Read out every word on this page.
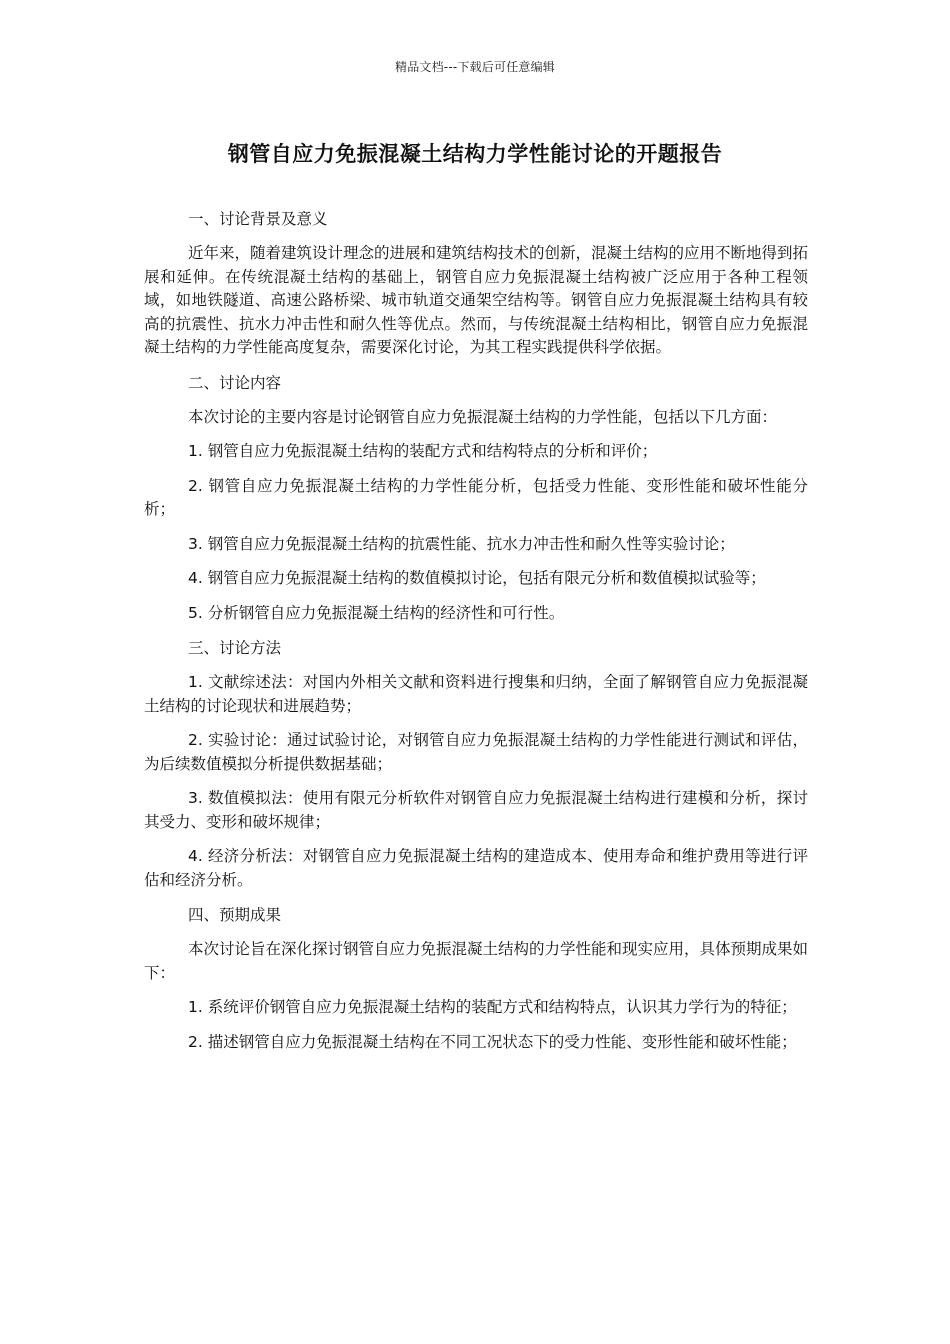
精品文档---下载后可任意编辑
钢管自应力免振混凝土结构力学性能讨论的开题报告
一、讨论背景及意义

近年来，随着建筑设计理念的进展和建筑结构技术的创新，混凝土结构的应用不断地得到拓展和延伸。在传统混凝土结构的基础上，钢管自应力免振混凝土结构被广泛应用于各种工程领域，如地铁隧道、高速公路桥梁、城市轨道交通架空结构等。钢管自应力免振混凝土结构具有较高的抗震性、抗水力冲击性和耐久性等优点。然而，与传统混凝土结构相比，钢管自应力免振混凝土结构的力学性能高度复杂，需要深化讨论，为其工程实践提供科学依据。

二、讨论内容

本次讨论的主要内容是讨论钢管自应力免振混凝土结构的力学性能，包括以下几方面：

1. 钢管自应力免振混凝土结构的装配方式和结构特点的分析和评价；

2. 钢管自应力免振混凝土结构的力学性能分析，包括受力性能、变形性能和破坏性能分析；

3. 钢管自应力免振混凝土结构的抗震性能、抗水力冲击性和耐久性等实验讨论；

4. 钢管自应力免振混凝土结构的数值模拟讨论，包括有限元分析和数值模拟试验等；

5. 分析钢管自应力免振混凝土结构的经济性和可行性。

三、讨论方法

1. 文献综述法：对国内外相关文献和资料进行搜集和归纳，全面了解钢管自应力免振混凝土结构的讨论现状和进展趋势；

2. 实验讨论：通过试验讨论，对钢管自应力免振混凝土结构的力学性能进行测试和评估，为后续数值模拟分析提供数据基础；

3. 数值模拟法：使用有限元分析软件对钢管自应力免振混凝土结构进行建模和分析，探讨其受力、变形和破坏规律；

4. 经济分析法：对钢管自应力免振混凝土结构的建造成本、使用寿命和维护费用等进行评估和经济分析。

四、预期成果

本次讨论旨在深化探讨钢管自应力免振混凝土结构的力学性能和现实应用，具体预期成果如下：

1. 系统评价钢管自应力免振混凝土结构的装配方式和结构特点，认识其力学行为的特征；

2. 描述钢管自应力免振混凝土结构在不同工况状态下的受力性能、变形性能和破坏性能；
